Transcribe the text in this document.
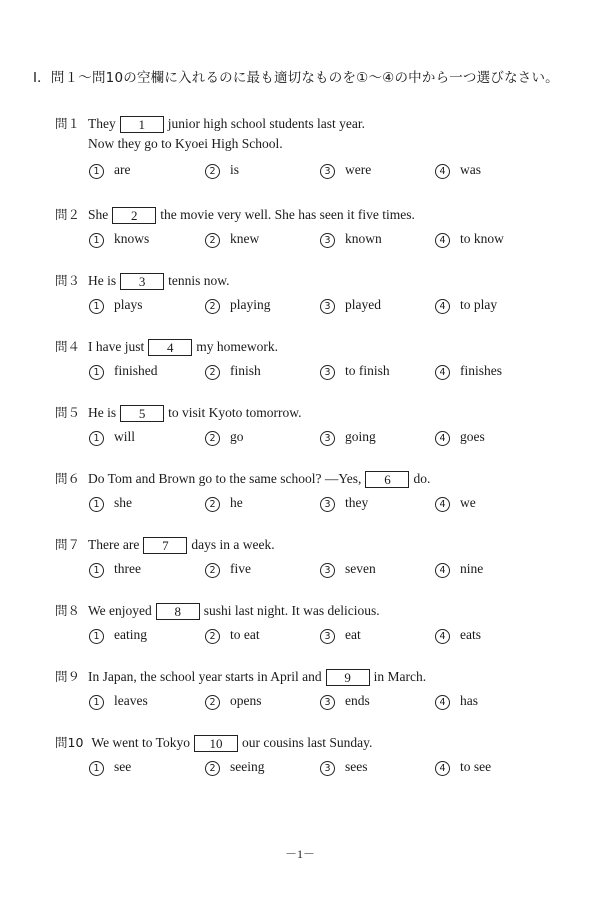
I．問１～問10の空欄に入れるのに最も適切なものを①～④の中から一つ選びなさい。
問１ They 1 junior high school students last year.
Now they go to Kyoei High School.
1 are	2 is	3 were	4 was
問２ She 2 the movie very well. She has seen it five times.
1 knows	2 knew	3 known	4 to know
問３ He is 3 tennis now.
1 plays	2 playing	3 played	4 to play
問４ I have just 4 my homework.
1 finished	2 finish	3 to finish	4 finishes
問５ He is 5 to visit Kyoto tomorrow.
1 will	2 go	3 going	4 goes
問６ Do Tom and Brown go to the same school? ―Yes, 6 do.
1 she	2 he	3 they	4 we
問７ There are 7 days in a week.
1 three	2 five	3 seven	4 nine
問８ We enjoyed 8 sushi last night. It was delicious.
1 eating	2 to eat	3 eat	4 eats
問９ In Japan, the school year starts in April and 9 in March.
1 leaves	2 opens	3 ends	4 has
問10 We went to Tokyo 10 our cousins last Sunday.
1 see	2 seeing	3 sees	4 to see
－1－
